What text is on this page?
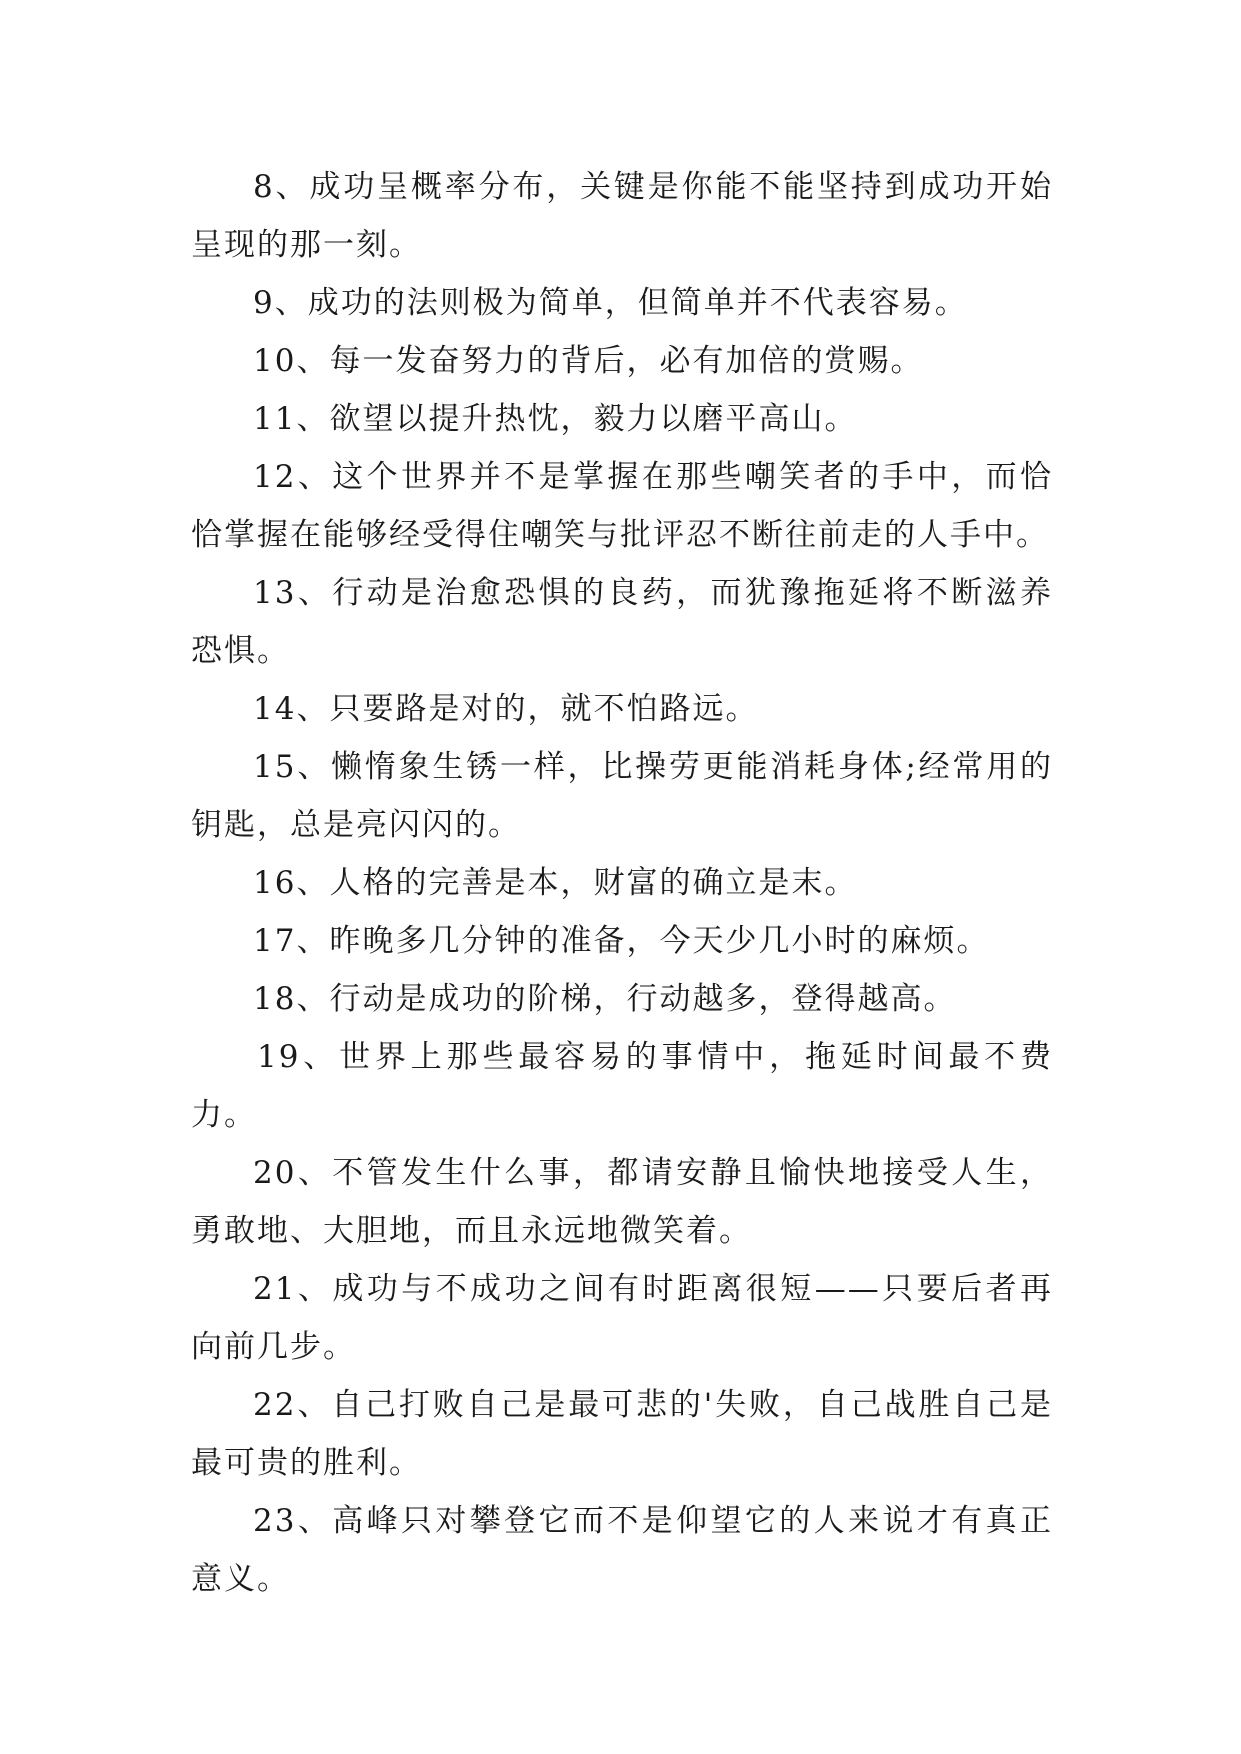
8、成功呈概率分布，关键是你能不能坚持到成功开始呈现的那一刻。

9、成功的法则极为简单，但简单并不代表容易。

10、每一发奋努力的背后，必有加倍的赏赐。

11、欲望以提升热忱，毅力以磨平高山。

12、这个世界并不是掌握在那些嘲笑者的手中，而恰恰掌握在能够经受得住嘲笑与批评忍不断往前走的人手中。

13、行动是治愈恐惧的良药，而犹豫拖延将不断滋养恐惧。

14、只要路是对的，就不怕路远。

15、懒惰象生锈一样，比操劳更能消耗身体;经常用的钥匙，总是亮闪闪的。

16、人格的完善是本，财富的确立是末。

17、昨晚多几分钟的准备，今天少几小时的麻烦。

18、行动是成功的阶梯，行动越多，登得越高。

19、世界上那些最容易的事情中，拖延时间最不费力。

20、不管发生什么事，都请安静且愉快地接受人生，勇敢地、大胆地，而且永远地微笑着。

21、成功与不成功之间有时距离很短——只要后者再向前几步。

22、自己打败自己是最可悲的'失败，自己战胜自己是最可贵的胜利。

23、高峰只对攀登它而不是仰望它的人来说才有真正意义。
